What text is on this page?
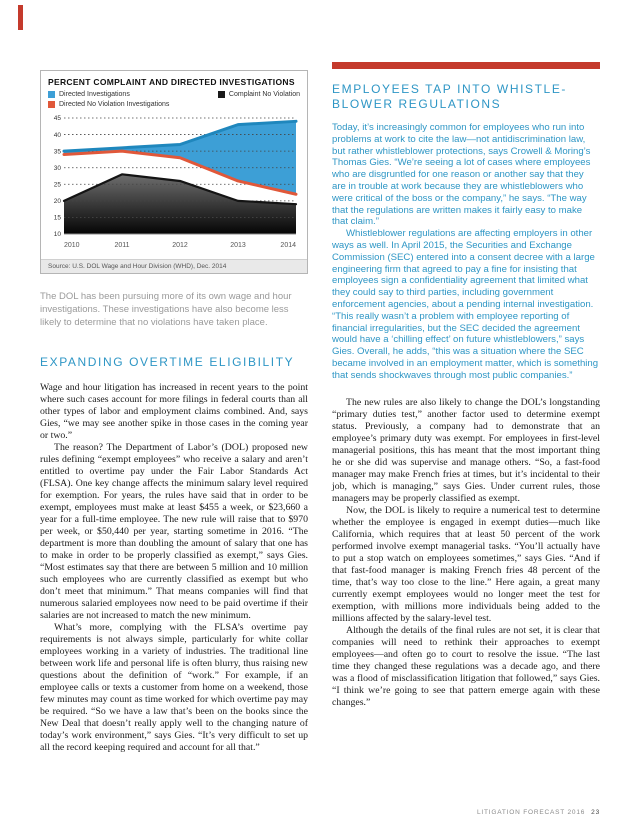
PERCENT COMPLAINT AND DIRECTED INVESTIGATIONS
Directed Investigations
Directed No Violation Investigations
Complaint No Violation
10
15
20
25
30
35
40
45
2010	2011	2012	2013	2014
Source: U.S. DOL Wage and Hour Division (WHD), Dec. 2014
The DOL has been pursuing more of its own wage and hour investigations. These investigations have also become less likely to determine that no violations have taken place.
EXPANDING OVERTIME ELIGIBILITY

Wage and hour litigation has increased in recent years to the point where such cases account for more filings in federal courts than all other types of labor and employment claims combined. And, says Gies, “we may see another spike in those cases in the coming year or two.”

The reason? The Department of Labor’s (DOL) proposed new rules defining “exempt employees” who receive a salary and aren’t entitled to overtime pay under the Fair Labor Standards Act (FLSA). One key change affects the minimum salary level required for exemption. For years, the rules have said that in order to be exempt, employees must make at least $455 a week, or $23,660 a year for a full-time employee. The new rule will raise that to $970 per week, or $50,440 per year, starting sometime in 2016. “The department is more than doubling the amount of salary that one has to make in order to be properly classified as exempt,” says Gies. “Most estimates say that there are between 5 million and 10 million such employees who are currently classified as exempt but who don’t meet that minimum.” That means companies will find that numerous salaried employees now need to be paid overtime if their salaries are not increased to match the new minimum.

What’s more, complying with the FLSA’s overtime pay requirements is not always simple, particularly for white collar employees working in a variety of industries. The traditional line between work life and personal life is often blurry, thus raising new questions about the definition of “work.” For example, if an employee calls or texts a customer from home on a weekend, those few minutes may count as time worked for which overtime pay may be required. “So we have a law that’s been on the books since the New Deal that doesn’t really apply well to the changing nature of today’s work environment,” says Gies. “It’s very difficult to set up all the record keeping required and account for all that.”

EMPLOYEES TAP INTO WHISTLE-BLOWER REGULATIONS

Today, it’s increasingly common for employees who run into problems at work to cite the law—not antidiscrimination law, but rather whistleblower protections, says Crowell & Moring’s Thomas Gies. “We’re seeing a lot of cases where employees who are disgruntled for one reason or another say that they are in trouble at work because they are whistleblowers who were critical of the boss or the company,” he says. “The way that the regulations are written makes it fairly easy to make that claim.”

Whistleblower regulations are affecting employers in other ways as well. In April 2015, the Securities and Exchange Commission (SEC) entered into a consent decree with a large engineering firm that agreed to pay a fine for insisting that employees sign a confidentiality agreement that limited what they could say to third parties, including government enforcement agencies, about a pending internal investigation. “This really wasn’t a problem with employee reporting of financial irregularities, but the SEC decided the agreement would have a ‘chilling effect’ on future whistleblowers,” says Gies. Overall, he adds, “this was a situation where the SEC became involved in an employment matter, which is something that sends shockwaves through most public companies.”

The new rules are also likely to change the DOL’s longstanding “primary duties test,” another factor used to determine exempt status. Previously, a company had to demonstrate that an employee’s primary duty was exempt. For employees in first-level managerial positions, this has meant that the most important thing he or she did was supervise and manage others. “So, a fast-food manager may make French fries at times, but it’s incidental to their job, which is managing,” says Gies. Under current rules, those managers may be properly classified as exempt.

Now, the DOL is likely to require a numerical test to determine whether the employee is engaged in exempt duties—much like California, which requires that at least 50 percent of the work performed involve exempt managerial tasks. “You’ll actually have to put a stop watch on employees sometimes,” says Gies. “And if that fast-food manager is making French fries 48 percent of the time, that’s way too close to the line.” Here again, a great many currently exempt employees would no longer meet the test for exemption, with millions more individuals being added to the millions affected by the salary-level test.

Although the details of the final rules are not set, it is clear that companies will need to rethink their approaches to exempt employees—and often go to court to resolve the issue. “The last time they changed these regulations was a decade ago, and there was a flood of misclassification litigation that followed,” says Gies. “I think we’re going to see that pattern emerge again with these changes.”

LITIGATION FORECAST 2016 23
